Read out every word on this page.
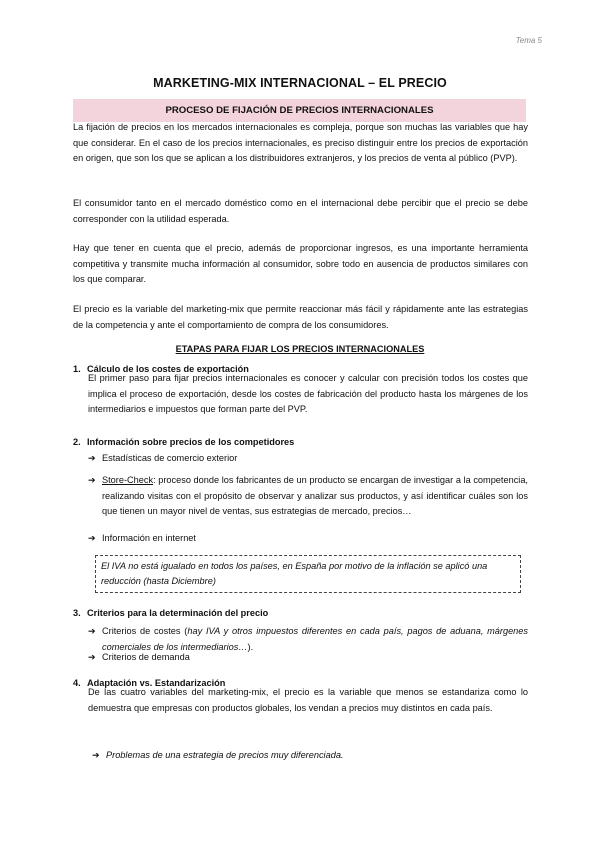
Tema 5
MARKETING-MIX INTERNACIONAL – EL PRECIO
PROCESO DE FIJACIÓN DE PRECIOS INTERNACIONALES

La fijación de precios en los mercados internacionales es compleja, porque son muchas las variables que hay que considerar. En el caso de los precios internacionales, es preciso distinguir entre los precios de exportación en origen, que son los que se aplican a los distribuidores extranjeros, y los precios de venta al público (PVP).

El consumidor tanto en el mercado doméstico como en el internacional debe percibir que el precio se debe corresponder con la utilidad esperada.

Hay que tener en cuenta que el precio, además de proporcionar ingresos, es una importante herramienta competitiva y transmite mucha información al consumidor, sobre todo en ausencia de productos similares con los que comparar.

El precio es la variable del marketing-mix que permite reaccionar más fácil y rápidamente ante las estrategias de la competencia y ante el comportamiento de compra de los consumidores.

ETAPAS PARA FIJAR LOS PRECIOS INTERNACIONALES
1. Cálculo de los costes de exportación

El primer paso para fijar precios internacionales es conocer y calcular con precisión todos los costes que implica el proceso de exportación, desde los costes de fabricación del producto hasta los márgenes de los intermediarios e impuestos que forman parte del PVP.

2. Información sobre precios de los competidores
➔ Estadísticas de comercio exterior
➔ Store-Check: proceso donde los fabricantes de un producto se encargan de investigar a la competencia, realizando visitas con el propósito de observar y analizar sus productos, y así identificar cuáles son los que tienen un mayor nivel de ventas, sus estrategias de mercado, precios…
➔ Información en internet
El IVA no está igualado en todos los países, en España por motivo de la inflación se aplicó una reducción (hasta Diciembre)
3. Criterios para la determinación del precio
➔ Criterios de costes (hay IVA y otros impuestos diferentes en cada país, pagos de aduana, márgenes comerciales de los intermediarios…).
➔ Criterios de demanda
4. Adaptación vs. Estandarización

De las cuatro variables del marketing-mix, el precio es la variable que menos se estandariza como lo demuestra que empresas con productos globales, los vendan a precios muy distintos en cada país.

➔ Problemas de una estrategia de precios muy diferenciada.
